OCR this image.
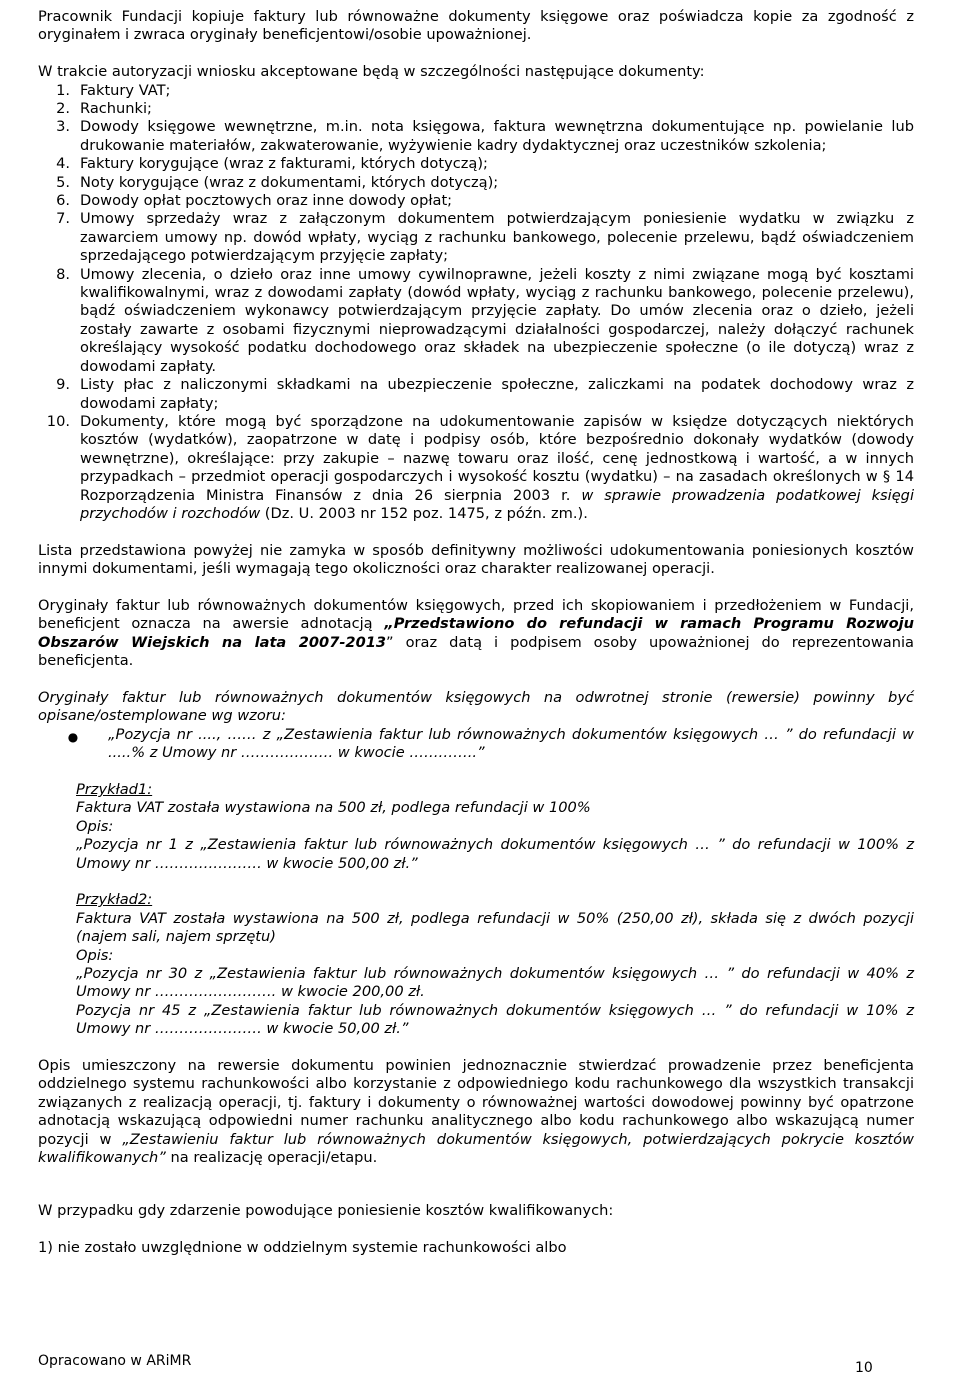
Pracownik Fundacji kopiuje faktury lub równoważne dokumenty księgowe oraz poświadcza kopie za zgodność z oryginałem i zwraca oryginały beneficjentowi/osobie upoważnionej.

W trakcie autoryzacji wniosku akceptowane będą w szczególności następujące dokumenty:

1. Faktury VAT;
2. Rachunki;
3. Dowody księgowe wewnętrzne, m.in. nota księgowa, faktura wewnętrzna dokumentujące np. powielanie lub drukowanie materiałów, zakwaterowanie, wyżywienie kadry dydaktycznej oraz uczestników szkolenia;
4. Faktury korygujące (wraz z fakturami, których dotyczą);
5. Noty korygujące (wraz z dokumentami, których dotyczą);
6. Dowody opłat pocztowych oraz inne dowody opłat;
7. Umowy sprzedaży wraz z załączonym dokumentem potwierdzającym poniesienie wydatku w związku z zawarciem umowy np. dowód wpłaty, wyciąg z rachunku bankowego, polecenie przelewu, bądź oświadczeniem sprzedającego potwierdzającym przyjęcie zapłaty;
8. Umowy zlecenia, o dzieło oraz inne umowy cywilnoprawne, jeżeli koszty z nimi związane mogą być kosztami kwalifikowalnymi, wraz z dowodami zapłaty (dowód wpłaty, wyciąg z rachunku bankowego, polecenie przelewu), bądź oświadczeniem wykonawcy potwierdzającym przyjęcie zapłaty. Do umów zlecenia oraz o dzieło, jeżeli zostały zawarte z osobami fizycznymi nieprowadzącymi działalności gospodarczej, należy dołączyć rachunek określający wysokość podatku dochodowego oraz składek na ubezpieczenie społeczne (o ile dotyczą) wraz z dowodami zapłaty.
9. Listy płac z naliczonymi składkami na ubezpieczenie społeczne, zaliczkami na podatek dochodowy wraz z dowodami zapłaty;
10. Dokumenty, które mogą być sporządzone na udokumentowanie zapisów w księdze dotyczących niektórych kosztów (wydatków), zaopatrzone w datę i podpisy osób, które bezpośrednio dokonały wydatków (dowody wewnętrzne), określające: przy zakupie – nazwę towaru oraz ilość, cenę jednostkową i wartość, a w innych przypadkach – przedmiot operacji gospodarczych i wysokość kosztu (wydatku) – na zasadach określonych w § 14 Rozporządzenia Ministra Finansów z dnia 26 sierpnia 2003 r. w sprawie prowadzenia podatkowej księgi przychodów i rozchodów (Dz. U. 2003 nr 152 poz. 1475, z późn. zm.).

Lista przedstawiona powyżej nie zamyka w sposób definitywny możliwości udokumentowania poniesionych kosztów innymi dokumentami, jeśli wymagają tego okoliczności oraz charakter realizowanej operacji.

Oryginały faktur lub równoważnych dokumentów księgowych, przed ich skopiowaniem i przedłożeniem w Fundacji, beneficjent oznacza na awersie adnotacją „Przedstawiono do refundacji w ramach Programu Rozwoju Obszarów Wiejskich na lata 2007-2013” oraz datą i podpisem osoby upoważnionej do reprezentowania beneficjenta.

Oryginały faktur lub równoważnych dokumentów księgowych na odwrotnej stronie (rewersie) powinny być opisane/ostemplowane wg wzoru:

●	„Pozycja nr ...., …… z „Zestawienia faktur lub równoważnych dokumentów księgowych … ” do refundacji w .....% z Umowy nr ………………. w kwocie …………..”

Przykład1:

Faktura VAT została wystawiona na 500 zł, podlega refundacji w 100%

Opis:

„Pozycja nr 1 z „Zestawienia faktur lub równoważnych dokumentów księgowych … ” do refundacji w 100% z Umowy nr …………………. w kwocie 500,00 zł.”

Przykład2:

Faktura VAT została wystawiona na 500 zł, podlega refundacji w 50% (250,00 zł), składa się z dwóch pozycji (najem sali, najem sprzętu)

Opis:

„Pozycja nr 30 z „Zestawienia faktur lub równoważnych dokumentów księgowych … ” do refundacji w 40% z Umowy nr ……………………. w kwocie 200,00 zł.

Pozycja nr 45 z „Zestawienia faktur lub równoważnych dokumentów księgowych … ” do refundacji w 10% z Umowy nr …………………. w kwocie 50,00 zł.”

Opis umieszczony na rewersie dokumentu powinien jednoznacznie stwierdzać prowadzenie przez beneficjenta oddzielnego systemu rachunkowości albo korzystanie z odpowiedniego kodu rachunkowego dla wszystkich transakcji związanych z realizacją operacji, tj. faktury i dokumenty o równoważnej wartości dowodowej powinny być opatrzone adnotacją wskazującą odpowiedni numer rachunku analitycznego albo kodu rachunkowego albo wskazującą numer pozycji w „Zestawieniu faktur lub równoważnych dokumentów księgowych, potwierdzających pokrycie kosztów kwalifikowanych” na realizację operacji/etapu.

W przypadku gdy zdarzenie powodujące poniesienie kosztów kwalifikowanych:

1) nie zostało uwzględnione w oddzielnym systemie rachunkowości albo

Opracowano w ARiMR	10
